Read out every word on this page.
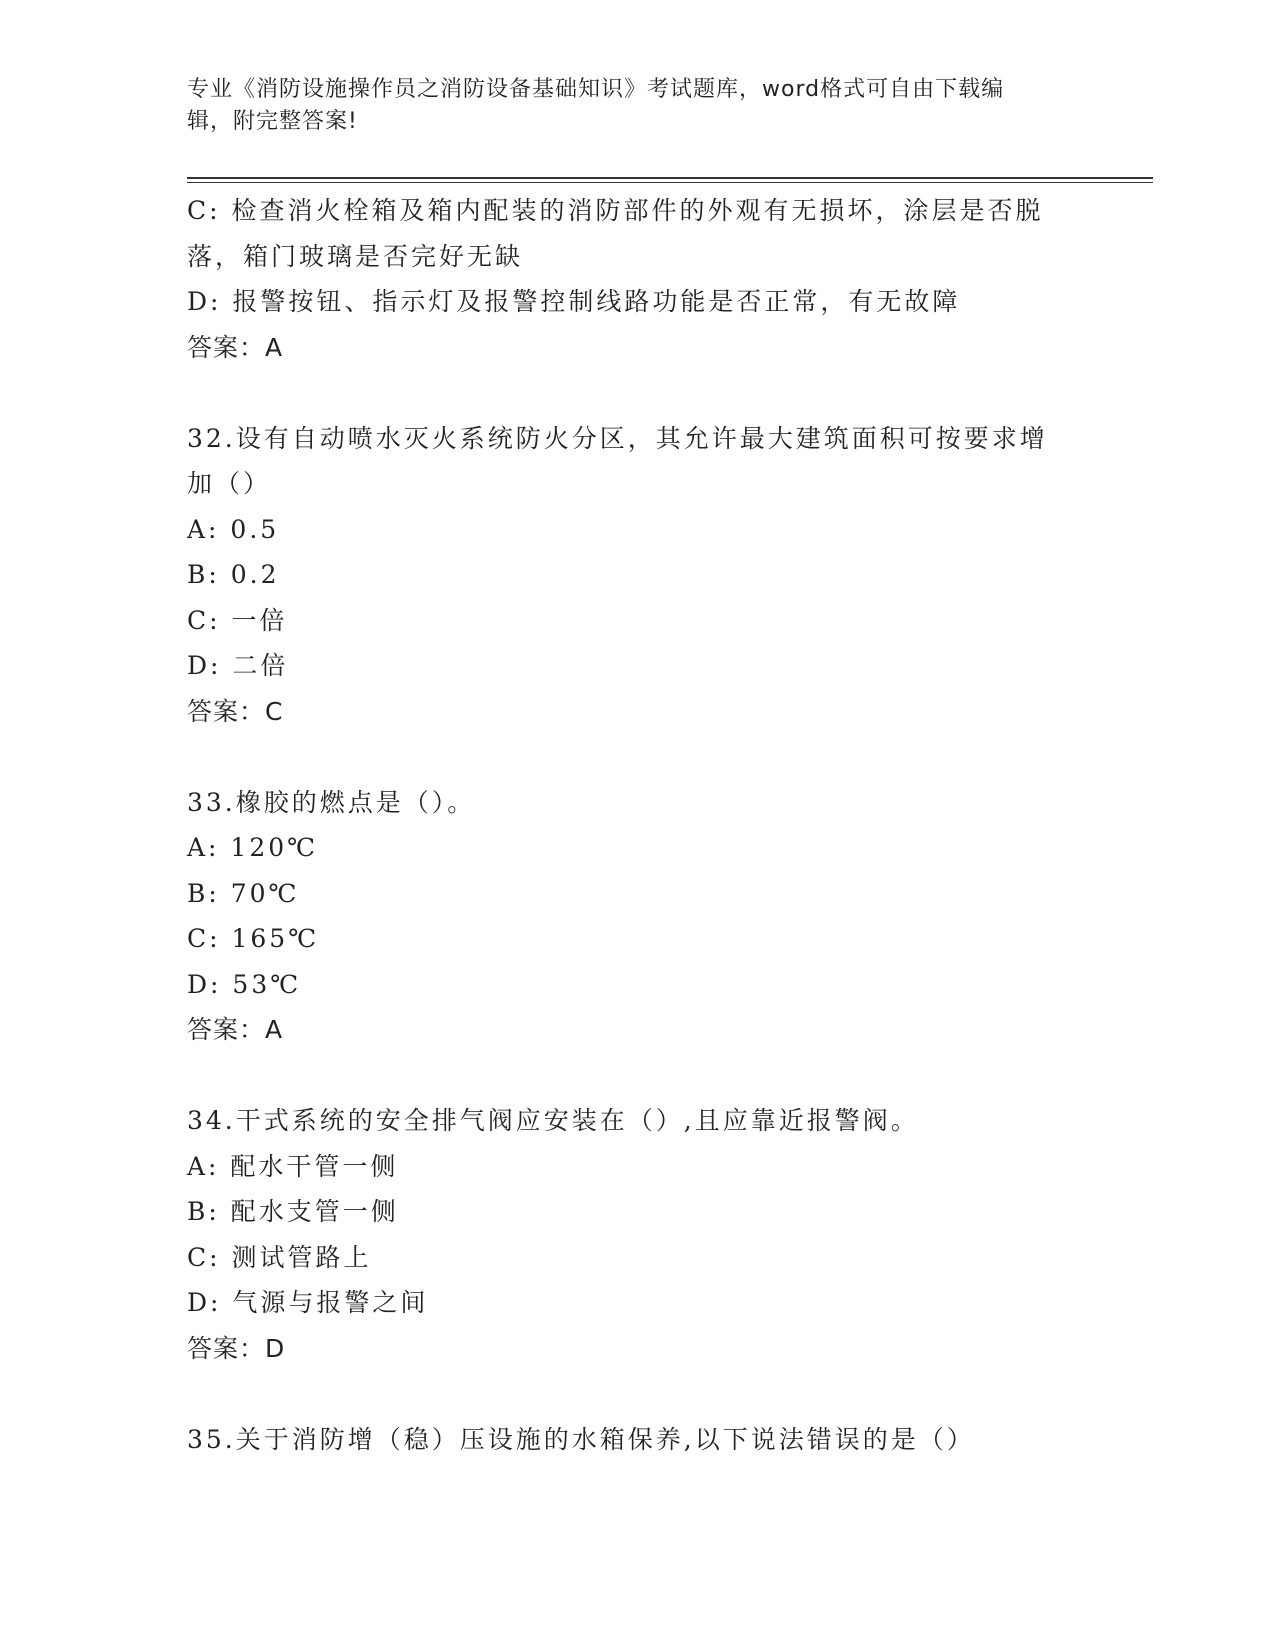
专业《消防设施操作员之消防设备基础知识》考试题库，word格式可自由下载编
辑，附完整答案!
C: 检查消火栓箱及箱内配装的消防部件的外观有无损坏，涂层是否脱
落，箱门玻璃是否完好无缺
D: 报警按钮、指示灯及报警控制线路功能是否正常，有无故障
答案：A
32.设有自动喷水灭火系统防火分区，其允许最大建筑面积可按要求增
加（）
A: 0.5
B: 0.2
C: 一倍
D: 二倍
答案：C
33.橡胶的燃点是（）。
A: 120℃
B: 70℃
C: 165℃
D: 53℃
答案：A
34.干式系统的安全排气阀应安装在（）,且应靠近报警阀。
A: 配水干管一侧
B: 配水支管一侧
C: 测试管路上
D: 气源与报警之间
答案：D
35.关于消防增（稳）压设施的水箱保养,以下说法错误的是（）
